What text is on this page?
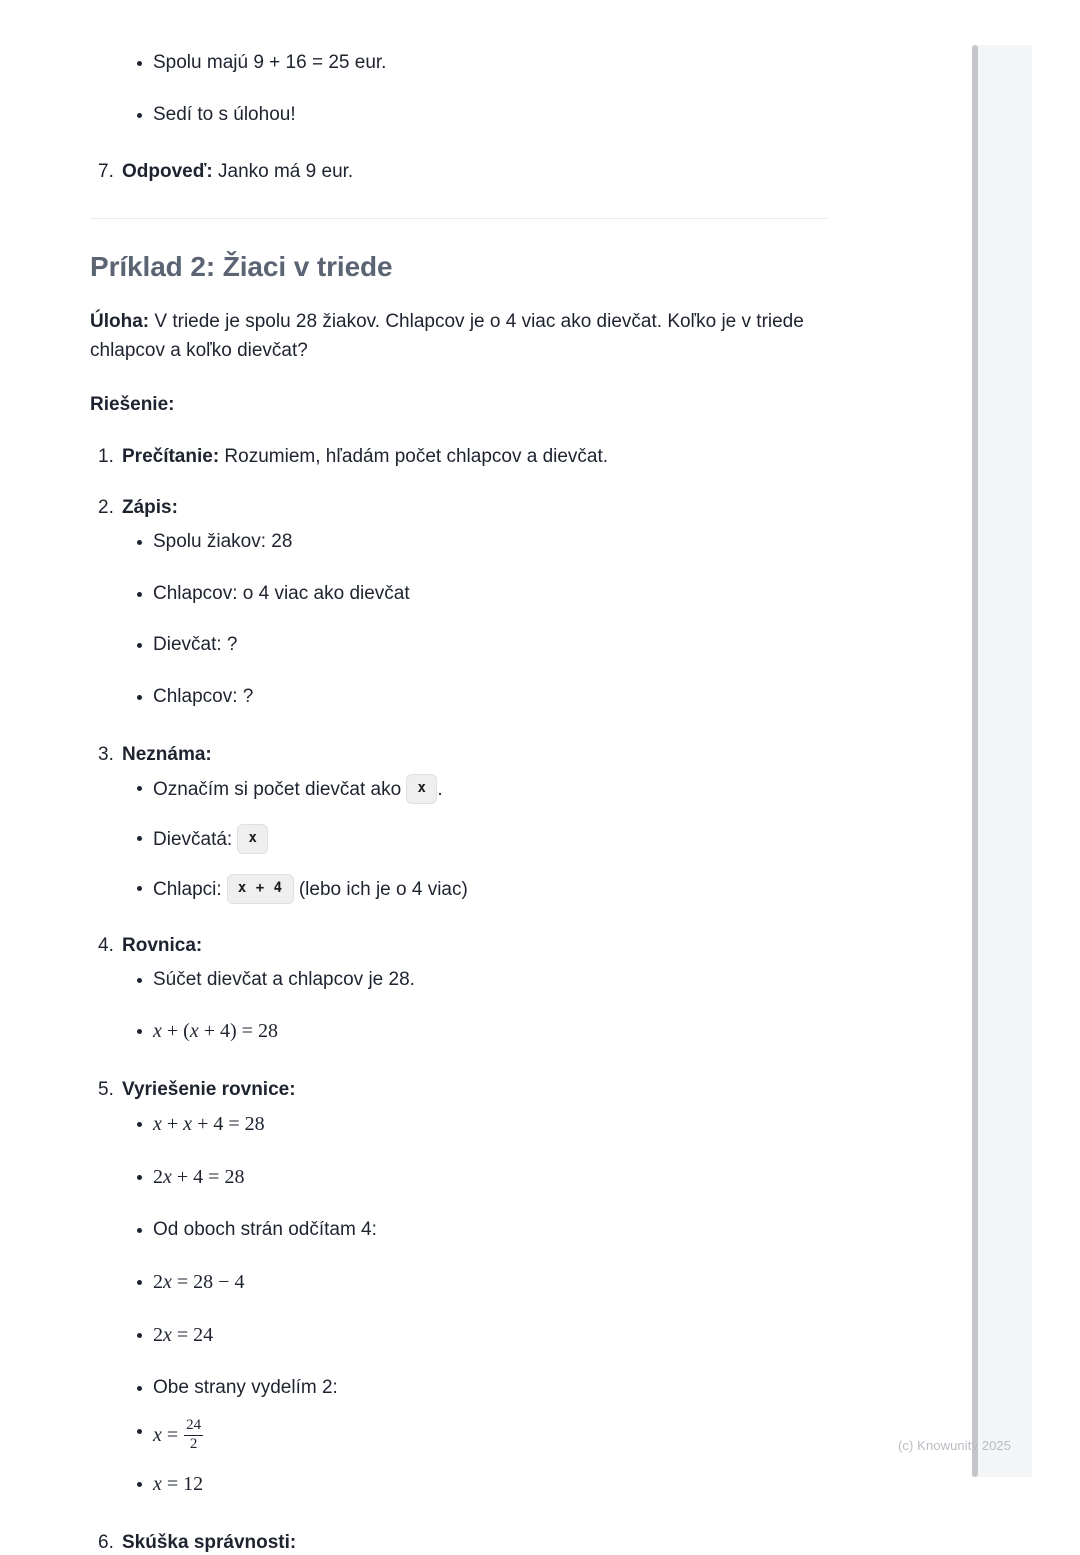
(c) Knowunity 2025
Spolu majú 9 + 16 = 25 eur.
Sedí to s úlohou!
7. Odpoveď: Janko má 9 eur.
Príklad 2: Žiaci v triede

Úloha: V triede je spolu 28 žiakov. Chlapcov je o 4 viac ako dievčat. Koľko je v triede chlapcov a koľko dievčat?

Riešenie:

1. Prečítanie: Rozumiem, hľadám počet chlapcov a dievčat.
2. Zápis:
Spolu žiakov: 28
Chlapcov: o 4 viac ako dievčat
Dievčat: ?
Chlapcov: ?
3. Neznáma:
Označím si počet dievčat ako x .
Dievčatá: x
Chlapci: x + 4 (lebo ich je o 4 viac)
4. Rovnica:
Súčet dievčat a chlapcov je 28.
x + (x + 4) = 28
5. Vyriešenie rovnice:
x + x + 4 = 28
2x + 4 = 28
Od oboch strán odčítam 4:
2x = 28 − 4
2x = 24
Obe strany vydelím 2:
$x = \frac{24}{2}$
x = 12
6. Skúška správnosti:
